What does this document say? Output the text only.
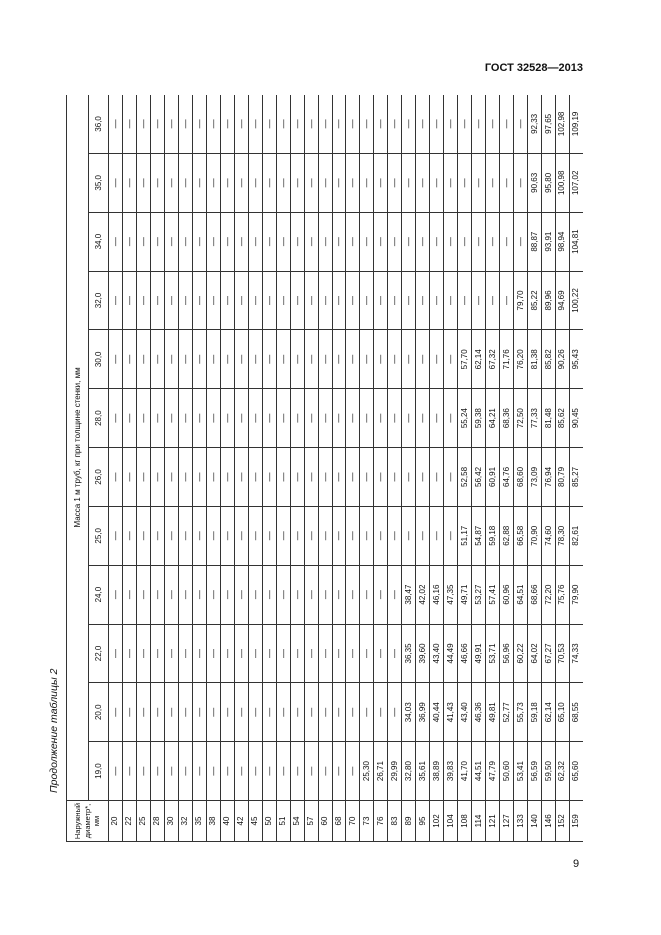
ГОСТ 32528—2013
Продолжение таблицы 2
Наружный диаметр*, мм	Масса 1 м труб, кг при толщине стенки, мм											
	19,0	20,0	22,0	24,0	25,0	26,0	28,0	30,0	32,0	34,0	35,0	36,0
20	—	—	—	—	—	—	—	—	—	—	—	—
22	—	—	—	—	—	—	—	—	—	—	—	—
25	—	—	—	—	—	—	—	—	—	—	—	—
28	—	—	—	—	—	—	—	—	—	—	—	—
30	—	—	—	—	—	—	—	—	—	—	—	—
32	—	—	—	—	—	—	—	—	—	—	—	—
35	—	—	—	—	—	—	—	—	—	—	—	—
38	—	—	—	—	—	—	—	—	—	—	—	—
40	—	—	—	—	—	—	—	—	—	—	—	—
42	—	—	—	—	—	—	—	—	—	—	—	—
45	—	—	—	—	—	—	—	—	—	—	—	—
50	—	—	—	—	—	—	—	—	—	—	—	—
51	—	—	—	—	—	—	—	—	—	—	—	—
54	—	—	—	—	—	—	—	—	—	—	—	—
57	—	—	—	—	—	—	—	—	—	—	—	—
60	—	—	—	—	—	—	—	—	—	—	—	—
68	—	—	—	—	—	—	—	—	—	—	—	—
70	—	—	—	—	—	—	—	—	—	—	—	—
73	25,30	—	—	—	—	—	—	—	—	—	—	—
76	26,71	—	—	—	—	—	—	—	—	—	—	—
83	29,99	—	—	—	—	—	—	—	—	—	—	—
89	32,80	34,03	36,35	38,47	—	—	—	—	—	—	—	—
95	35,61	36,99	39,60	42,02	—	—	—	—	—	—	—	—
102	38,89	40,44	43,40	46,16	—	—	—	—	—	—	—	—
104	39,83	41,43	44,49	47,35	—	—	—	—	—	—	—	—
108	41,70	43,40	46,66	49,71	51,17	52,58	55,24	57,70	—	—	—	—
114	44,51	46,36	49,91	53,27	54,87	56,42	59,38	62,14	—	—	—	—
121	47,79	49,81	53,71	57,41	59,18	60,91	64,21	67,32	—	—	—	—
127	50,60	52,77	56,96	60,96	62,88	64,76	68,36	71,76	—	—	—	—
133	53,41	55,73	60,22	64,51	66,58	68,60	72,50	76,20	79,70	—	—	—
140	56,59	59,18	64,02	68,66	70,90	73,09	77,33	81,38	85,22	88,87	90,63	92,33
146	59,50	62,14	67,27	72,20	74,60	76,94	81,48	85,82	89,96	93,91	95,80	97,65
152	62,32	65,10	70,53	75,76	78,30	80,79	85,62	90,26	94,69	98,94	100,98	102,98
159	65,60	68,55	74,33	79,90	82,61	85,27	90,45	95,43	100,22	104,81	107,02	109,19
9
